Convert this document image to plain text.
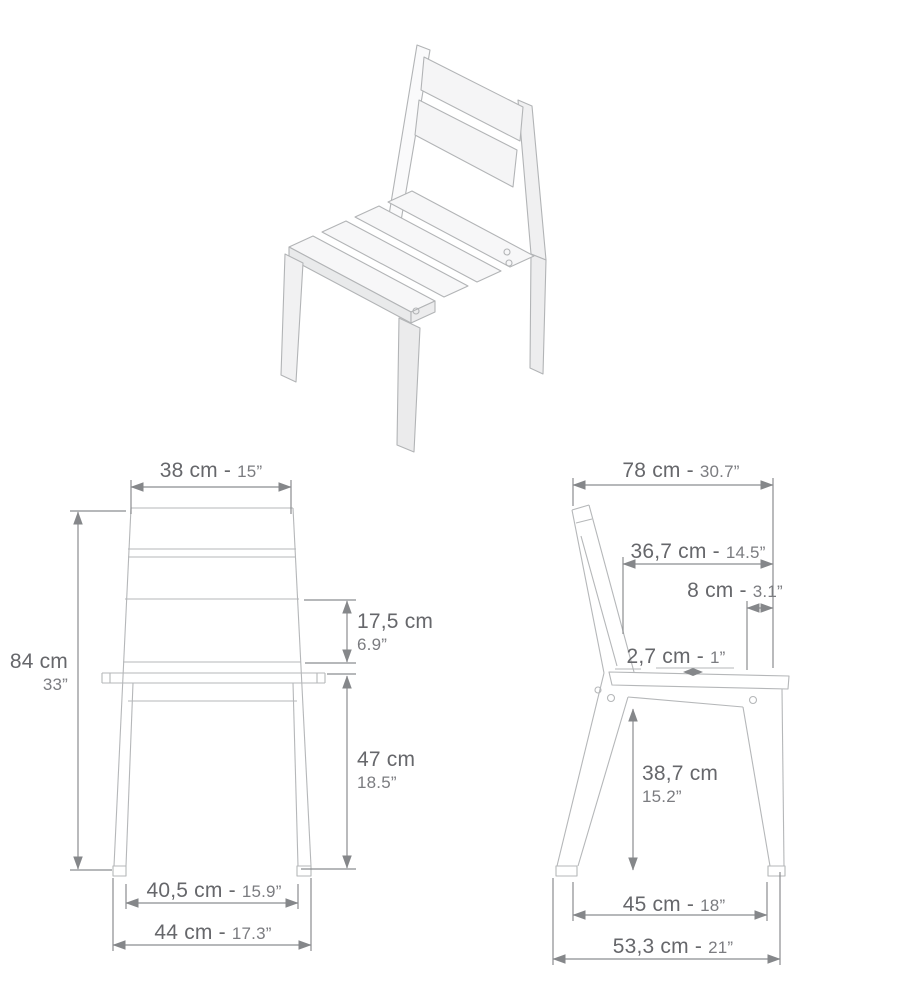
38 cm - 15”
84 cm
33”
17,5 cm
6.9”
47 cm
18.5”
40,5 cm - 15.9”
44 cm - 17.3”
78 cm - 30.7”
36,7 cm - 14.5”
8 cm - 3.1”
2,7 cm - 1”
38,7 cm
15.2”
45 cm - 18”
53,3 cm - 21”
